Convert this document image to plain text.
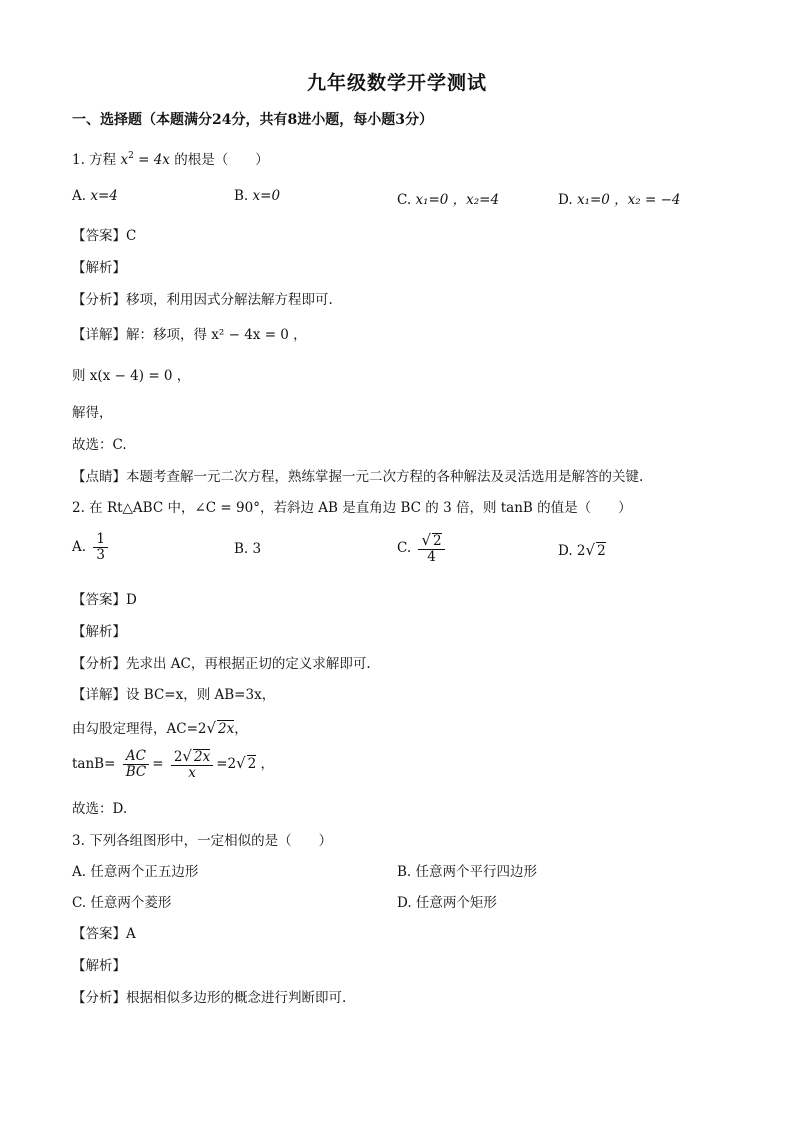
九年级数学开学测试
一、选择题（本题满分24分，共有8进小题，每小题3分）
1. 方程 $x^2 = 4x$ 的根是（　　）
A. x=4	B. x=0	C. x₁=0 ，x₂=4	D. x₁=0 ，x₂ = −4
【答案】C
【解析】
【分析】移项，利用因式分解法解方程即可.
【详解】解：移项，得 x² − 4x = 0 ，
则 x(x − 4) = 0 ，
解得，
故选：C.
【点睛】本题考查解一元二次方程，熟练掌握一元二次方程的各种解法及灵活选用是解答的关键.
2. 在 Rt△ABC 中，∠C = 90°，若斜边 AB 是直角边 BC 的 3 倍，则 tanB 的值是（　　）
A. $\frac{1}{3}$	B. 3	C. $\frac{√ 2}{4}$	D. 2√ 2
【答案】D
【解析】
【分析】先求出 AC，再根据正切的定义求解即可.
【详解】设 BC=x，则 AB=3x，
由勾股定理得，AC=2√ 2x，
$\tan B= \frac{AC}{BC} = \frac{2√ 2x}{x} =2√$ 2 ，
故选：D.
3. 下列各组图形中，一定相似的是（　　）
A. 任意两个正五边形	B. 任意两个平行四边形
C. 任意两个菱形	D. 任意两个矩形
【答案】A
【解析】
【分析】根据相似多边形的概念进行判断即可.
